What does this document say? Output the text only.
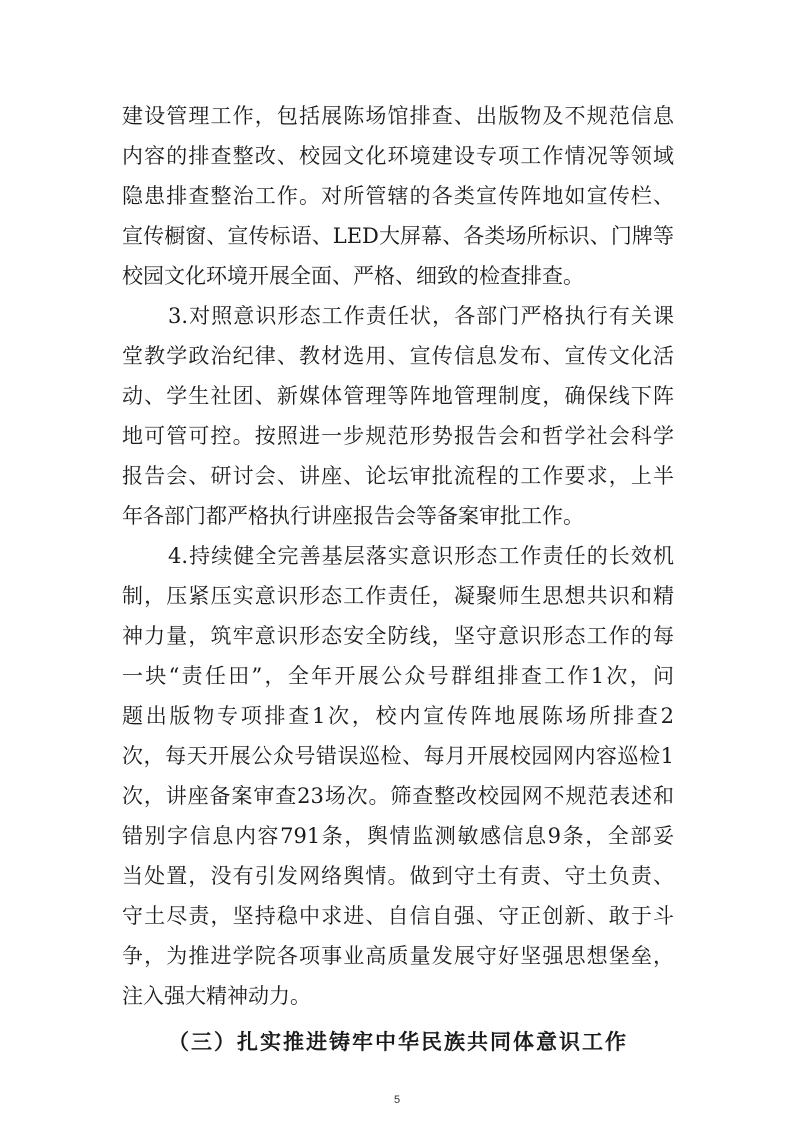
建设管理工作，包括展陈场馆排查、出版物及不规范信息
内容的排查整改、校园文化环境建设专项工作情况等领域
隐患排查整治工作。对所管辖的各类宣传阵地如宣传栏、
宣传橱窗、宣传标语、LED大屏幕、各类场所标识、门牌等
校园文化环境开展全面、严格、细致的检查排查。
3.对照意识形态工作责任状，各部门严格执行有关课
堂教学政治纪律、教材选用、宣传信息发布、宣传文化活
动、学生社团、新媒体管理等阵地管理制度，确保线下阵
地可管可控。按照进一步规范形势报告会和哲学社会科学
报告会、研讨会、讲座、论坛审批流程的工作要求，上半
年各部门都严格执行讲座报告会等备案审批工作。
4.持续健全完善基层落实意识形态工作责任的长效机
制，压紧压实意识形态工作责任，凝聚师生思想共识和精
神力量，筑牢意识形态安全防线，坚守意识形态工作的每
一块“责任田”，全年开展公众号群组排查工作1次，问
题出版物专项排查1次，校内宣传阵地展陈场所排查2
次，每天开展公众号错误巡检、每月开展校园网内容巡检1
次，讲座备案审查23场次。筛查整改校园网不规范表述和
错别字信息内容791条，舆情监测敏感信息9条，全部妥
当处置，没有引发网络舆情。做到守土有责、守土负责、
守土尽责，坚持稳中求进、自信自强、守正创新、敢于斗
争，为推进学院各项事业高质量发展守好坚强思想堡垒，
注入强大精神动力。
（三）扎实推进铸牢中华民族共同体意识工作
5
